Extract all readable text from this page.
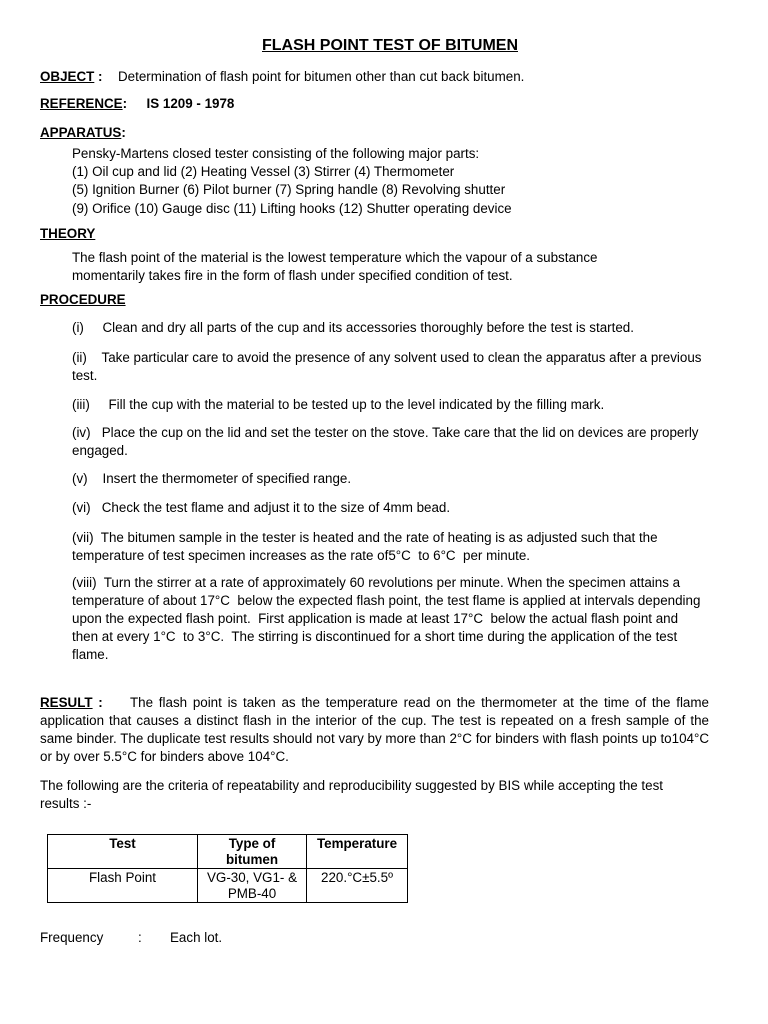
FLASH POINT TEST OF BITUMEN
OBJECT : Determination of flash point for bitumen other than cut back bitumen.
REFERENCE: IS 1209 - 1978
APPARATUS:
Pensky-Martens closed tester consisting of the following major parts:
(1) Oil cup and lid (2) Heating Vessel (3) Stirrer (4) Thermometer
(5) Ignition Burner (6) Pilot burner (7) Spring handle (8) Revolving shutter
(9) Orifice (10) Gauge disc (11) Lifting hooks (12) Shutter operating device
THEORY
The flash point of the material is the lowest temperature which the vapour of a substance momentarily takes fire in the form of flash under specified condition of test.
PROCEDURE
(i)     Clean and dry all parts of the cup and its accessories thoroughly before the test is started.
(ii)    Take particular care to avoid the presence of any solvent used to clean the apparatus after a previous test.
(iii)     Fill the cup with the material to be tested up to the level indicated by the filling mark.
(iv)   Place the cup on the lid and set the tester on the stove. Take care that the lid on devices are properly engaged.
(v)    Insert the thermometer of specified range.
(vi)   Check the test flame and adjust it to the size of 4mm bead.
(vii)  The bitumen sample in the tester is heated and the rate of heating is as adjusted such that the temperature of test specimen increases as the rate of5°C  to 6°C  per minute.
(viii)  Turn the stirrer at a rate of approximately 60 revolutions per minute. When the specimen attains a temperature of about 17°C  below the expected flash point, the test flame is applied at intervals depending upon the expected flash point.  First application is made at least 17°C  below the actual flash point and then at every 1°C  to 3°C.  The stirring is discontinued for a short time during the application of the test flame.
RESULT : The flash point is taken as the temperature read on the thermometer at the time of the flame application that causes a distinct flash in the interior of the cup. The test is repeated on a fresh sample of the same binder. The duplicate test results should not vary by more than 2°C for binders with flash points up to104°C or by over 5.5°C for binders above 104°C.
The following are the criteria of repeatability and reproducibility suggested by BIS while accepting the test results :-
Test	Type of bitumen	Temperature
Flash Point	VG-30, VG1- & PMB-40	220.°C±5.5º
Frequency	: Each lot.
